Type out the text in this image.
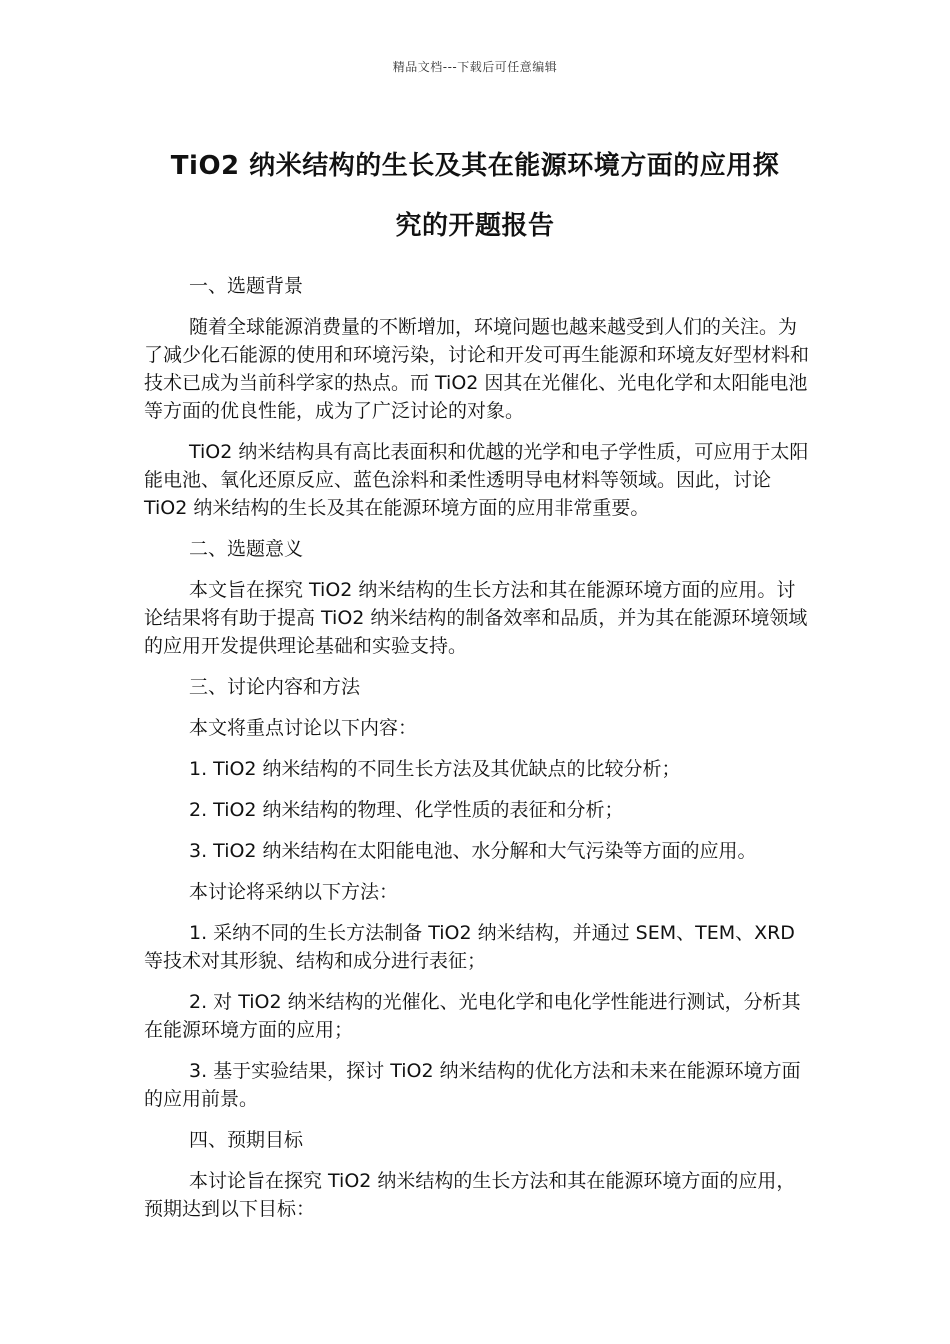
精品文档---下载后可任意编辑
TiO2 纳米结构的生长及其在能源环境方面的应用探
究的开题报告

一、选题背景

随着全球能源消费量的不断增加，环境问题也越来越受到人们的关注。为了减少化石能源的使用和环境污染，讨论和开发可再生能源和环境友好型材料和技术已成为当前科学家的热点。而 TiO2 因其在光催化、光电化学和太阳能电池等方面的优良性能，成为了广泛讨论的对象。

TiO2 纳米结构具有高比表面积和优越的光学和电子学性质，可应用于太阳能电池、氧化还原反应、蓝色涂料和柔性透明导电材料等领域。因此，讨论 TiO2 纳米结构的生长及其在能源环境方面的应用非常重要。

二、选题意义

本文旨在探究 TiO2 纳米结构的生长方法和其在能源环境方面的应用。讨论结果将有助于提高 TiO2 纳米结构的制备效率和品质，并为其在能源环境领域的应用开发提供理论基础和实验支持。

三、讨论内容和方法

本文将重点讨论以下内容：

1. TiO2 纳米结构的不同生长方法及其优缺点的比较分析；

2. TiO2 纳米结构的物理、化学性质的表征和分析；

3. TiO2 纳米结构在太阳能电池、水分解和大气污染等方面的应用。

本讨论将采纳以下方法：

1. 采纳不同的生长方法制备 TiO2 纳米结构，并通过 SEM、TEM、XRD 等技术对其形貌、结构和成分进行表征；

2. 对 TiO2 纳米结构的光催化、光电化学和电化学性能进行测试，分析其在能源环境方面的应用；

3. 基于实验结果，探讨 TiO2 纳米结构的优化方法和未来在能源环境方面的应用前景。

四、预期目标

本讨论旨在探究 TiO2 纳米结构的生长方法和其在能源环境方面的应用，预期达到以下目标：
